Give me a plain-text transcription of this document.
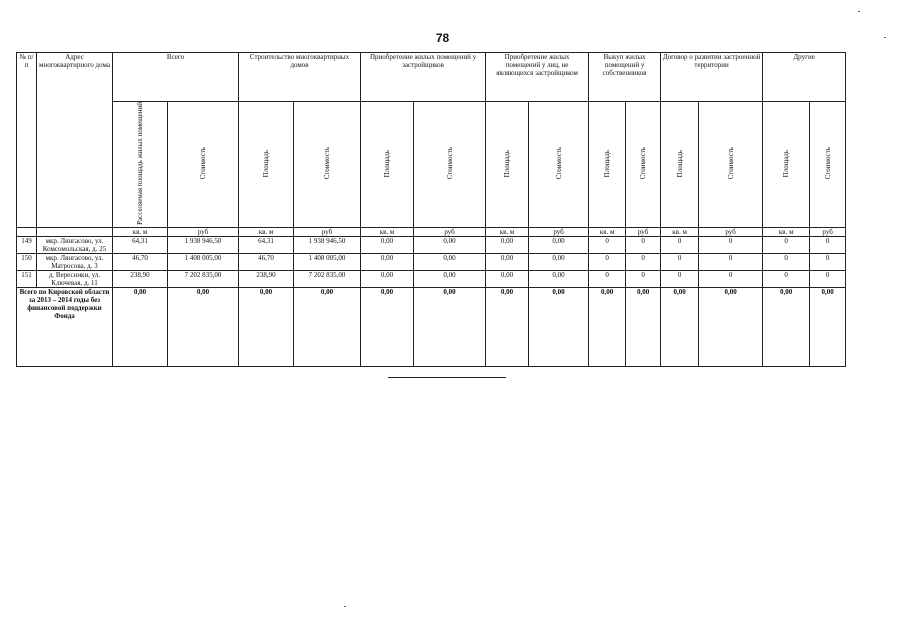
78
№ п/п	Адрес многоквартирного дома	Всего		Строительство многоквартирных домов		Приобретение жилых помещений у застройщиков		Приобретение жилых помещений у лиц, не являющихся застройщиком		Выкуп жилых помещений у собственников		Договор о развитии застроенной территории		Другие	
		Расселяемая площадь жилых помещений	Стоимость	Площадь	Стоимость	Площадь	Стоимость	Площадь	Стоимость	Площадь	Стоимость	Площадь	Стоимость	Площадь	Стоимость
		кв. м	руб	кв. м	руб	кв. м	руб	кв. м	руб	кв. м	руб	кв. м	руб	кв. м	руб
149	мкр. Лянгасово, ул. Комсомольская, д. 25	64,31	1 938 946,50	64,31	1 938 946,50	0,00	0,00	0,00	0,00	0	0	0	0	0	0
150	мкр. Лянгасово, ул. Матросова, д. 3	46,70	1 408 005,00	46,70	1 408 005,00	0,00	0,00	0,00	0,00	0	0	0	0	0	0
151	д. Вересники, ул. Ключевая, д. 11	238,90	7 202 835,00	238,90	7 202 835,00	0,00	0,00	0,00	0,00	0	0	0	0	0	0
Всего по Кировской области за 2013 – 2014 годы без финансовой поддержки Фонда		0,00	0,00	0,00	0,00	0,00	0,00	0,00	0,00	0,00	0,00	0,00	0,00	0,00	0,00
